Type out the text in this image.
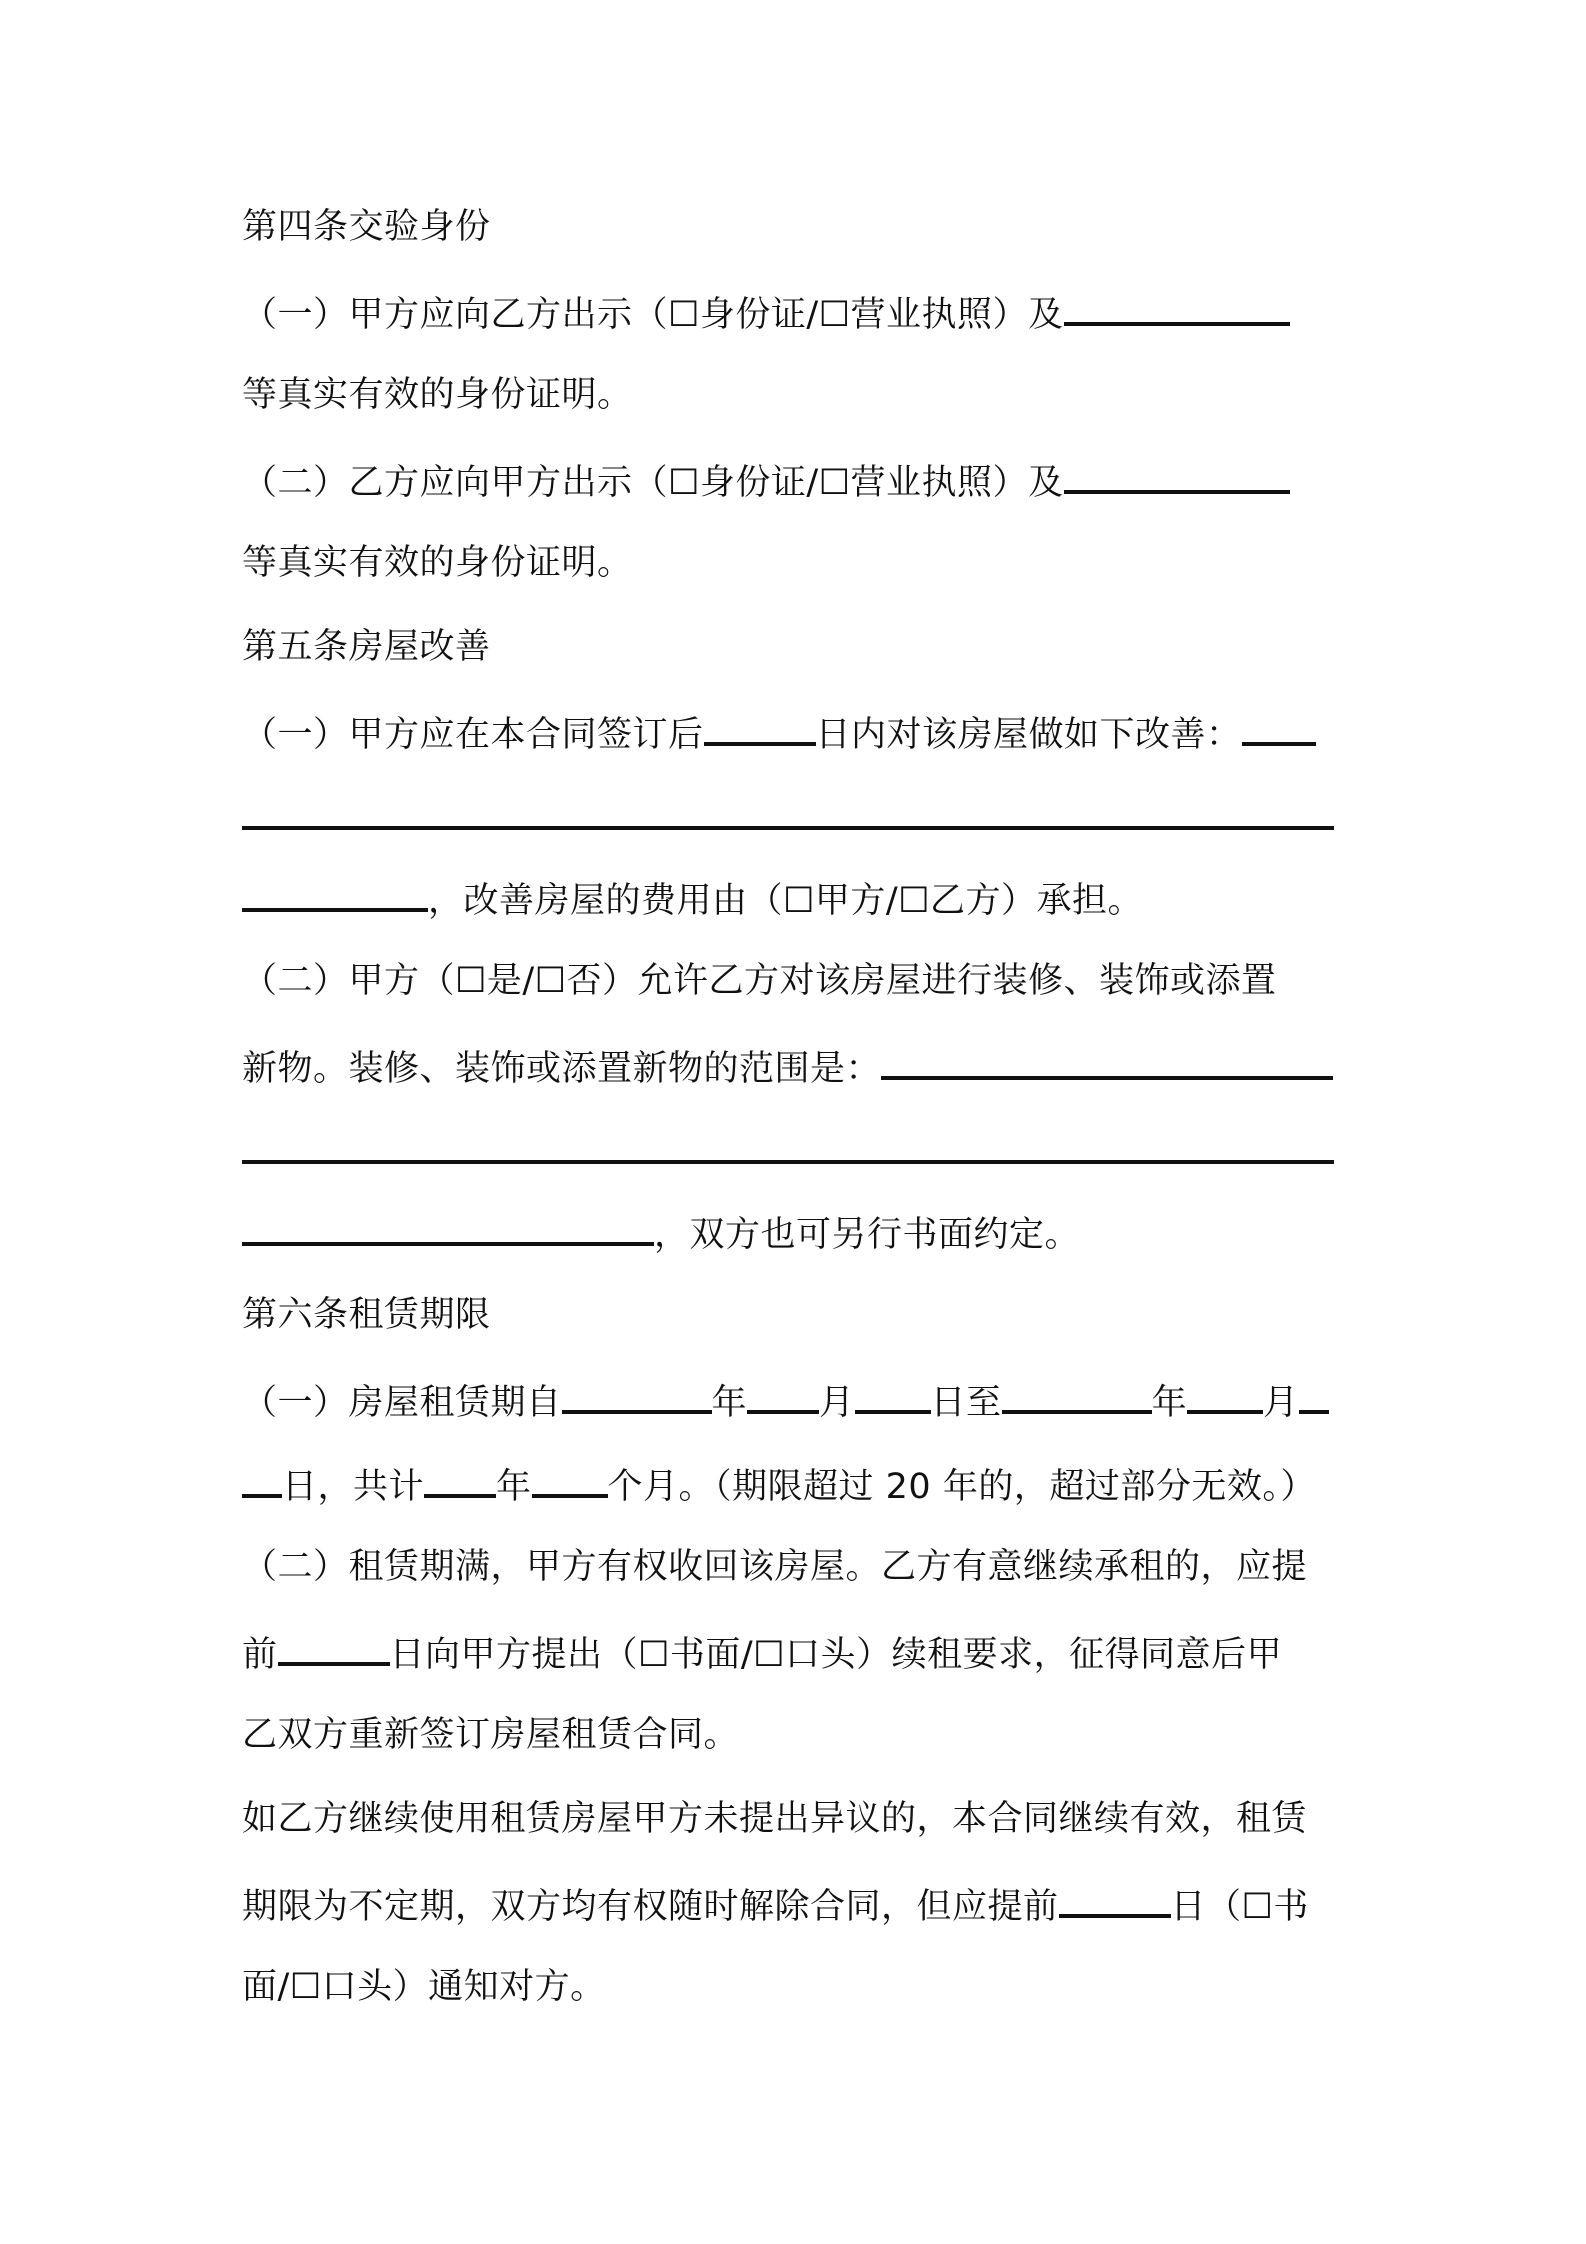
第四条交验身份
（一）甲方应向乙方出示（☐身份证/☐营业执照）及
等真实有效的身份证明。
（二）乙方应向甲方出示（☐身份证/☐营业执照）及
等真实有效的身份证明。
第五条房屋改善
（一）甲方应在本合同签订后	日内对该房屋做如下改善：
，改善房屋的费用由（☐甲方/☐乙方）承担。
（二）甲方（☐是/☐否）允许乙方对该房屋进行装修、装饰或添置
新物。装修、装饰或添置新物的范围是：
，双方也可另行书面约定。
第六条租赁期限
（一）房屋租赁期自	年 月 日至	年 月
日，共计 年 个月。（期限超过 20 年的，超过部分无效。）
（二）租赁期满，甲方有权收回该房屋。乙方有意继续承租的，应提
前	日向甲方提出（☐书面/☐口头）续租要求，征得同意后甲
乙双方重新签订房屋租赁合同。
如乙方继续使用租赁房屋甲方未提出异议的，本合同继续有效，租赁
期限为不定期，双方均有权随时解除合同，但应提前	日（☐书
面/☐口头）通知对方。
